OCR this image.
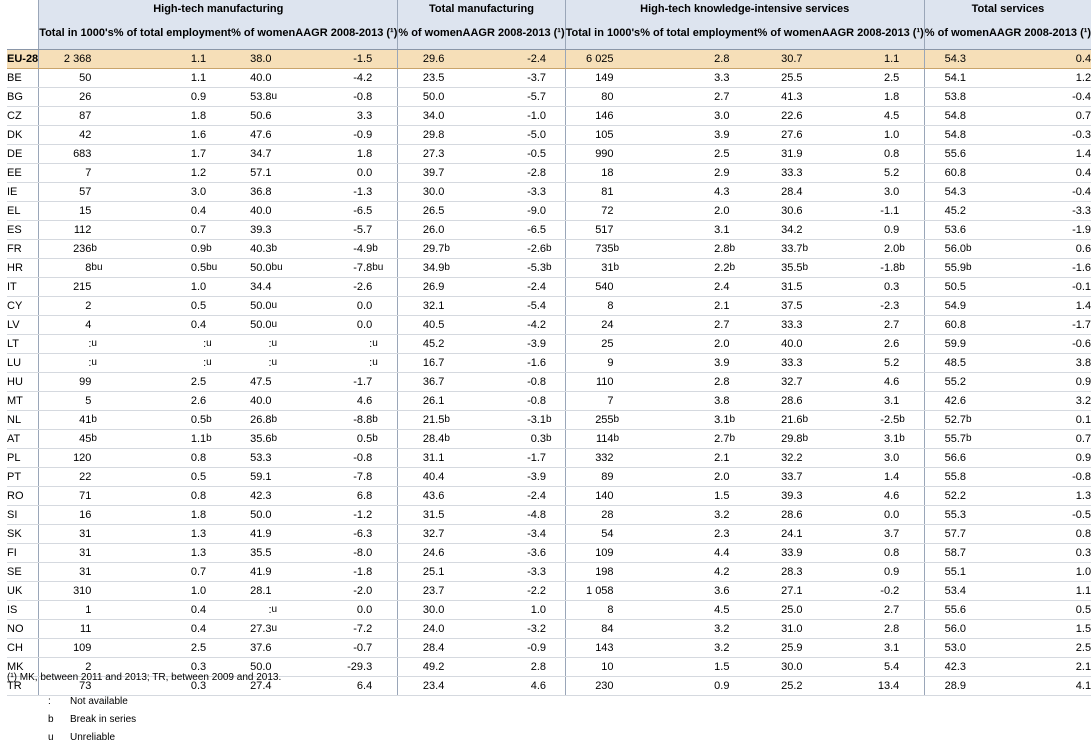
	High-tech manufacturing								Total manufacturing				High-tech knowledge-intensive services								Total services		
	Total in 1000's		% of total employment		% of women		AAGR 2008-2013 (¹)		% of women		AAGR 2008-2013 (¹)		Total in 1000's		% of total employment		% of women		AAGR 2008-2013 (¹)		% of women		AAGR 2008-2013 (¹)
EU-28	2 368		1.1		38.0		-1.5		29.6		-2.4		6 025		2.8		30.7		1.1		54.3		0.4
BE	50		1.1		40.0		-4.2		23.5		-3.7		149		3.3		25.5		2.5		54.1		1.2
BG	26		0.9		53.8	u	-0.8		50.0		-5.7		80		2.7		41.3		1.8		53.8		-0.4
CZ	87		1.8		50.6		3.3		34.0		-1.0		146		3.0		22.6		4.5		54.8		0.7
DK	42		1.6		47.6		-0.9		29.8		-5.0		105		3.9		27.6		1.0		54.8		-0.3
DE	683		1.7		34.7		1.8		27.3		-0.5		990		2.5		31.9		0.8		55.6		1.4
EE	7		1.2		57.1		0.0		39.7		-2.8		18		2.9		33.3		5.2		60.8		0.4
IE	57		3.0		36.8		-1.3		30.0		-3.3		81		4.3		28.4		3.0		54.3		-0.4
EL	15		0.4		40.0		-6.5		26.5		-9.0		72		2.0		30.6		-1.1		45.2		-3.3
ES	112		0.7		39.3		-5.7		26.0		-6.5		517		3.1		34.2		0.9		53.6		-1.9
FR	236	b	0.9	b	40.3	b	-4.9	b	29.7	b	-2.6	b	735	b	2.8	b	33.7	b	2.0	b	56.0	b	0.6
HR	8	bu	0.5	bu	50.0	bu	-7.8	bu	34.9	b	-5.3	b	31	b	2.2	b	35.5	b	-1.8	b	55.9	b	-1.6
IT	215		1.0		34.4		-2.6		26.9		-2.4		540		2.4		31.5		0.3		50.5		-0.1
CY	2		0.5		50.0	u	0.0		32.1		-5.4		8		2.1		37.5		-2.3		54.9		1.4
LV	4		0.4		50.0	u	0.0		40.5		-4.2		24		2.7		33.3		2.7		60.8		-1.7
LT	:	u	:	u	:	u	:	u	45.2		-3.9		25		2.0		40.0		2.6		59.9		-0.6
LU	:	u	:	u	:	u	:	u	16.7		-1.6		9		3.9		33.3		5.2		48.5		3.8
HU	99		2.5		47.5		-1.7		36.7		-0.8		110		2.8		32.7		4.6		55.2		0.9
MT	5		2.6		40.0		4.6		26.1		-0.8		7		3.8		28.6		3.1		42.6		3.2
NL	41	b	0.5	b	26.8	b	-8.8	b	21.5	b	-3.1	b	255	b	3.1	b	21.6	b	-2.5	b	52.7	b	0.1
AT	45	b	1.1	b	35.6	b	0.5	b	28.4	b	0.3	b	114	b	2.7	b	29.8	b	3.1	b	55.7	b	0.7
PL	120		0.8		53.3		-0.8		31.1		-1.7		332		2.1		32.2		3.0		56.6		0.9
PT	22		0.5		59.1		-7.8		40.4		-3.9		89		2.0		33.7		1.4		55.8		-0.8
RO	71		0.8		42.3		6.8		43.6		-2.4		140		1.5		39.3		4.6		52.2		1.3
SI	16		1.8		50.0		-1.2		31.5		-4.8		28		3.2		28.6		0.0		55.3		-0.5
SK	31		1.3		41.9		-6.3		32.7		-3.4		54		2.3		24.1		3.7		57.7		0.8
FI	31		1.3		35.5		-8.0		24.6		-3.6		109		4.4		33.9		0.8		58.7		0.3
SE	31		0.7		41.9		-1.8		25.1		-3.3		198		4.2		28.3		0.9		55.1		1.0
UK	310		1.0		28.1		-2.0		23.7		-2.2		1 058		3.6		27.1		-0.2		53.4		1.1
IS	1		0.4		:	u	0.0		30.0		1.0		8		4.5		25.0		2.7		55.6		0.5
NO	11		0.4		27.3	u	-7.2		24.0		-3.2		84		3.2		31.0		2.8		56.0		1.5
CH	109		2.5		37.6		-0.7		28.4		-0.9		143		3.2		25.9		3.1		53.0		2.5
MK	2		0.3		50.0		-29.3		49.2		2.8		10		1.5		30.0		5.4		42.3		2.1
TR	73		0.3		27.4		6.4		23.4		4.6		230		0.9		25.2		13.4		28.9		4.1
(¹) MK, between 2011 and 2013; TR, between 2009 and 2013.
: Not available
b Break in series
u Unreliable
